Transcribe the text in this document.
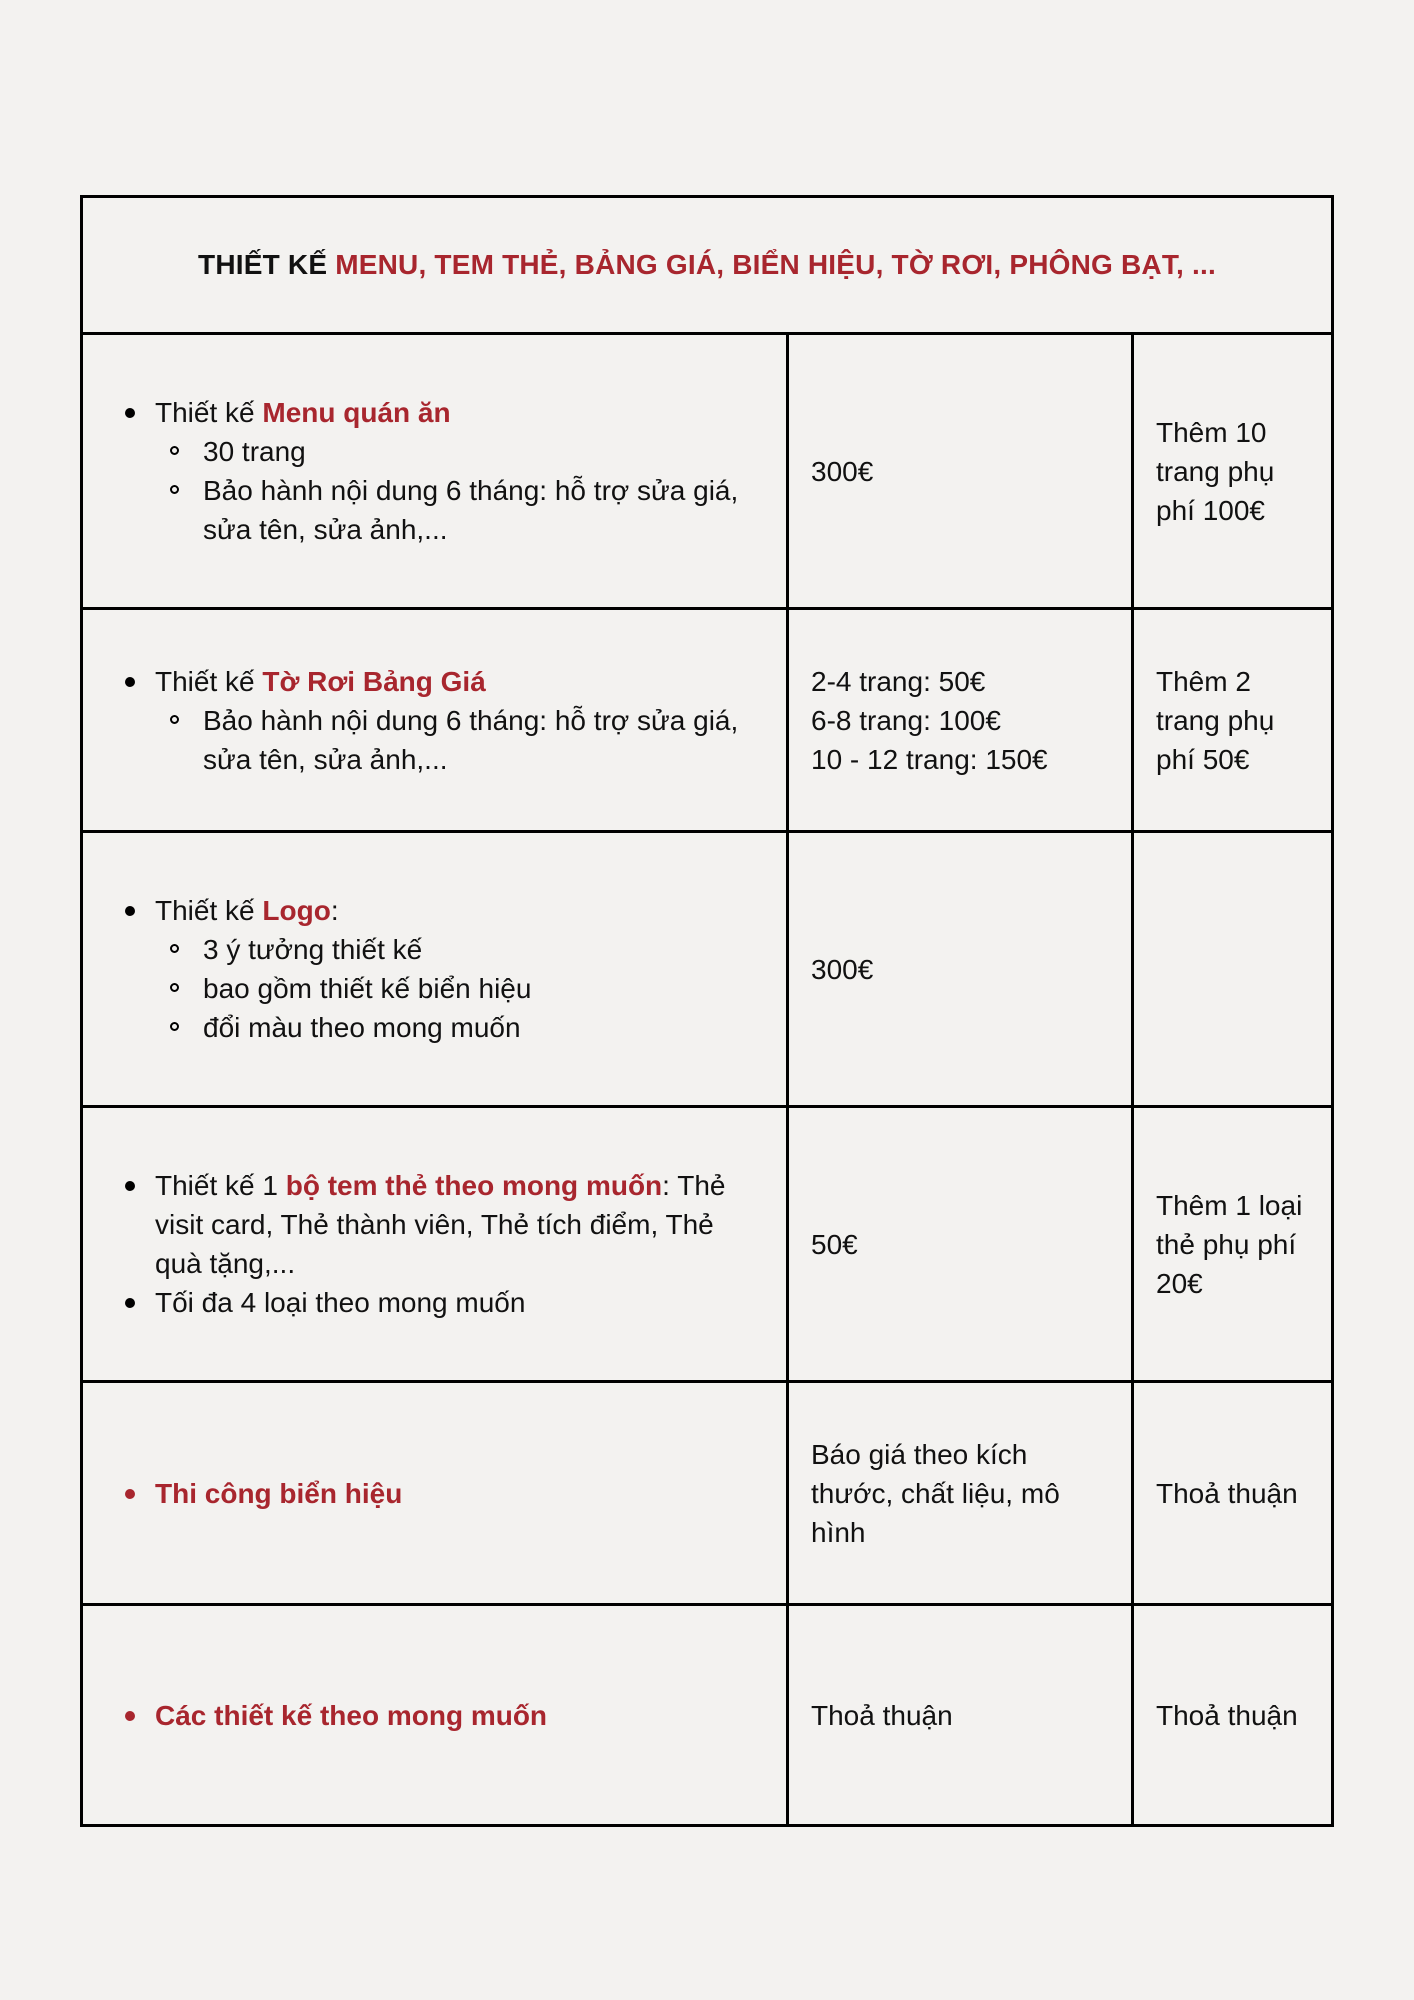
THIẾT KẾ MENU, TEM THẺ, BẢNG GIÁ, BIỂN HIỆU, TỜ RƠI, PHÔNG BẠT, ...
Thiết kế Menu quán ăn
30 trang
Bảo hành nội dung 6 tháng: hỗ trợ sửa giá, sửa tên, sửa ảnh,...
300€
Thêm 10 trang phụ phí 100€
Thiết kế Tờ Rơi Bảng Giá
Bảo hành nội dung 6 tháng: hỗ trợ sửa giá, sửa tên, sửa ảnh,...
2-4 trang: 50€
6-8 trang: 100€
10 - 12 trang: 150€
Thêm 2 trang phụ phí 50€
Thiết kế Logo:
3 ý tưởng thiết kế
bao gồm thiết kế biển hiệu
đổi màu theo mong muốn
300€
Thiết kế 1 bộ tem thẻ theo mong muốn: Thẻ visit card, Thẻ thành viên, Thẻ tích điểm, Thẻ quà tặng,...
Tối đa 4 loại theo mong muốn
50€
Thêm 1 loại thẻ phụ phí 20€
Thi công biển hiệu
Báo giá theo kích thước, chất liệu, mô hình
Thoả thuận
Các thiết kế theo mong muốn	Thoả thuận	Thoả thuận
